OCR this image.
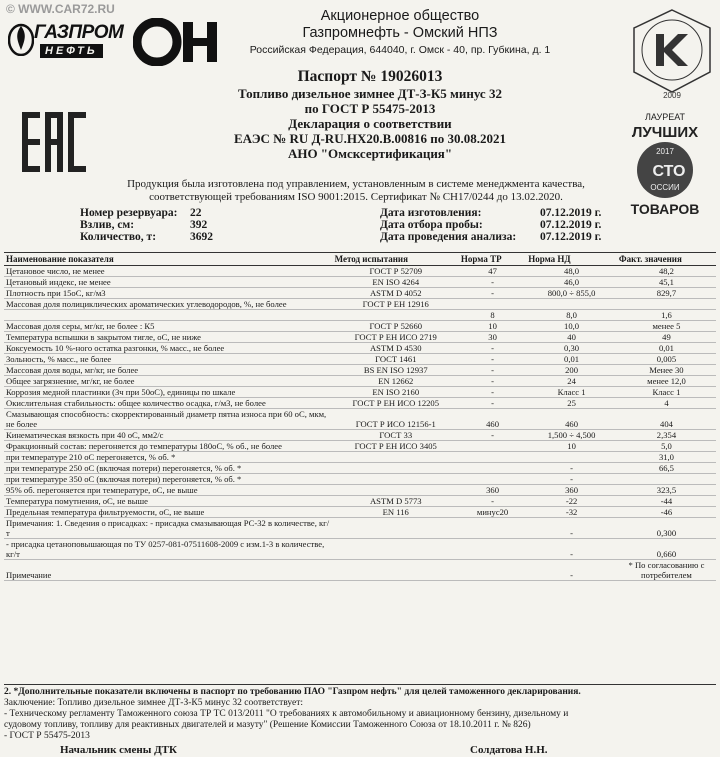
© WWW.CAR72.RU
ГАЗПРОМ
НЕФТЬ
ОН	Акционерное общество
Газпромнефть - Омский НПЗ
Российская Федерация, 644040, г. Омск - 40, пр. Губкина, д. 1
2009
К
ЛАУРЕАТ
ЛУЧШИХ
2017
СТО
ОССИИ
ТОВАРОВ
Паспорт № 19026013
Топливо дизельное зимнее ДТ-З-К5 минус 32
по ГОСТ Р 55475-2013
Декларация о соответствии
ЕАЭС № RU Д-RU.НХ20.В.00816 по 30.08.2021
АНО "Омсксертификация"
Продукция была изготовлена под управлением, установленным в системе менеджмента качества, соответствующей требованиям ISO 9001:2015. Сертификат № СН17/0244 до 13.02.2020.
Номер резервуара: 22
Взлив, см:	392
Количество, т:	3692
Дата изготовления:	07.12.2019 г.
Дата отбора пробы:	07.12.2019 г.
Дата проведения анализа: 07.12.2019 г.
Наименование показателя	Метод испытания	Норма ТР	Норма НД	Факт. значения
Цетановое число, не менее	ГОСТ Р 52709	47	48,0	48,2
Цетановый индекс, не менее	EN ISO 4264	-	46,0	45,1
Плотность при 15оС, кг/м3	ASTM D 4052	-	800,0 ÷ 855,0	829,7
Массовая доля полициклических ароматических углеводородов, %, не более	ГОСТ Р ЕН 12916			
		8	8,0	1,6
Массовая доля серы, мг/кг, не более : К5	ГОСТ Р 52660	10	10,0	менее 5
Температура вспышки в закрытом тигле, оС, не ниже	ГОСТ Р ЕН ИСО 2719	30	40	49
Коксуемость 10 %-ного остатка разгонки, % масс., не более	ASTM D 4530	-	0,30	0,01
Зольность, % масс., не более	ГОСТ 1461	-	0,01	0,005
Массовая доля воды, мг/кг, не более	BS EN ISO 12937	-	200	Менее 30
Общее загрязнение, мг/кг, не более	EN 12662	-	24	менее 12,0
Коррозия медной пластинки (3ч при 50оС), единицы по шкале	EN ISO 2160	-	Класс 1	Класс 1
Окислительная стабильность: общее количество осадка, г/м3, не более	ГОСТ Р ЕН ИСО 12205	-	25	4
Смазывающая способность: скорректированный диаметр пятна износа при 60 оС, мкм, не более	ГОСТ Р ИСО 12156-1	460	460	404
Кинематическая вязкость при 40 оС, мм2/с	ГОСТ 33	-	1,500 ÷ 4,500	2,354
Фракционный состав: перегоняется до температуры 180оС, % об., не более	ГОСТ Р ЕН ИСО 3405		10	5,0
при температуре 210 оС перегоняется, % об. *				31,0
при температуре 250 оС (включая потери) перегоняется, % об. *			-	66,5
при температуре 350 оС (включая потери) перегоняется, % об. *			-	
95% об. перегоняется при температуре, оС, не выше		360	360	323,5
Температура помутнения, оС, не выше	ASTM D 5773	-	-22	-44
Предельная температура фильтруемости, оС, не выше	EN 116	минус20	-32	-46
Примечания: 1. Сведения о присадках: - присадка смазывающая РС-32 в количестве, кг/т			-	0,300
- присадка цетаноповышающая по ТУ 0257-081-07511608-2009 с изм.1-3 в количестве, кг/т			-	0,660
Примечание			-	* По согласованию с потребителем
2. *Дополнительные показатели включены в паспорт по требованию ПАО "Газпром нефть" для целей таможенного декларирования.
Заключение: Топливо дизельное зимнее ДТ-З-К5 минус 32 соответствует:
- Техническому регламенту Таможенного союза ТР ТС 013/2011 "О требованиях к автомобильному и авиационному бензину, дизельному и
судовому топливу, топливу для реактивных двигателей и мазуту" (Решение Комиссии Таможенного Союза от 18.10.2011 г. № 826)
- ГОСТ Р 55475-2013
Начальник смены ДТК	Солдатова Н.Н.
